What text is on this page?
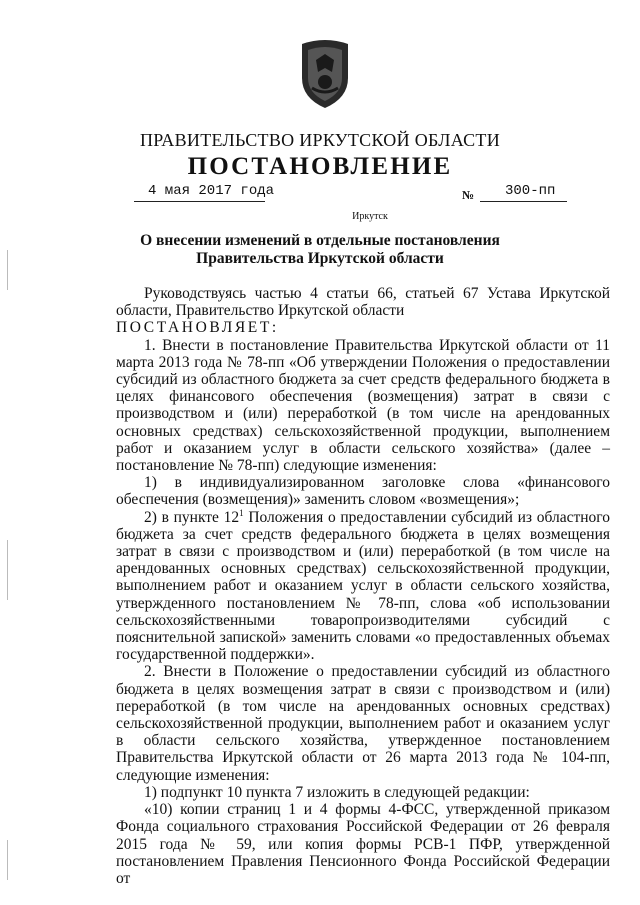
ПРАВИТЕЛЬСТВО ИРКУТСКОЙ ОБЛАСТИ
ПОСТАНОВЛЕНИЕ
4 мая 2017 года	№ 300-пп
Иркутск
О внесении изменений в отдельные постановления Правительства Иркутской области

Руководствуясь частью 4 статьи 66, статьей 67 Устава Иркутской области, Правительство Иркутской области

ПОСТАНОВЛЯЕТ:

1. Внести в постановление Правительства Иркутской области от 11 марта 2013 года № 78-пп «Об утверждении Положения о предоставлении субсидий из областного бюджета за счет средств федерального бюджета в целях финансового обеспечения (возмещения) затрат в связи с производством и (или) переработкой (в том числе на арендованных основных средствах) сельскохозяйственной продукции, выполнением работ и оказанием услуг в области сельского хозяйства» (далее – постановление № 78-пп) следующие изменения:

1) в индивидуализированном заголовке слова «финансового обеспечения (возмещения)» заменить словом «возмещения»;

2) в пункте $12^1$ Положения о предоставлении субсидий из областного бюджета за счет средств федерального бюджета в целях возмещения затрат в связи с производством и (или) переработкой (в том числе на арендованных основных средствах) сельскохозяйственной продукции, выполнением работ и оказанием услуг в области сельского хозяйства, утвержденного постановлением № 78-пп, слова «об использовании сельскохозяйственными товаропроизводителями субсидий с пояснительной запиской» заменить словами «о предоставленных объемах государственной поддержки».

2. Внести в Положение о предоставлении субсидий из областного бюджета в целях возмещения затрат в связи с производством и (или) переработкой (в том числе на арендованных основных средствах) сельскохозяйственной продукции, выполнением работ и оказанием услуг в области сельского хозяйства, утвержденное постановлением Правительства Иркутской области от 26 марта 2013 года № 104-пп, следующие изменения:

1) подпункт 10 пункта 7 изложить в следующей редакции:

«10) копии страниц 1 и 4 формы 4-ФСС, утвержденной приказом Фонда социального страхования Российской Федерации от 26 февраля 2015 года № 59, или копия формы РСВ-1 ПФР, утвержденной постановлением Правления Пенсионного Фонда Российской Федерации от
